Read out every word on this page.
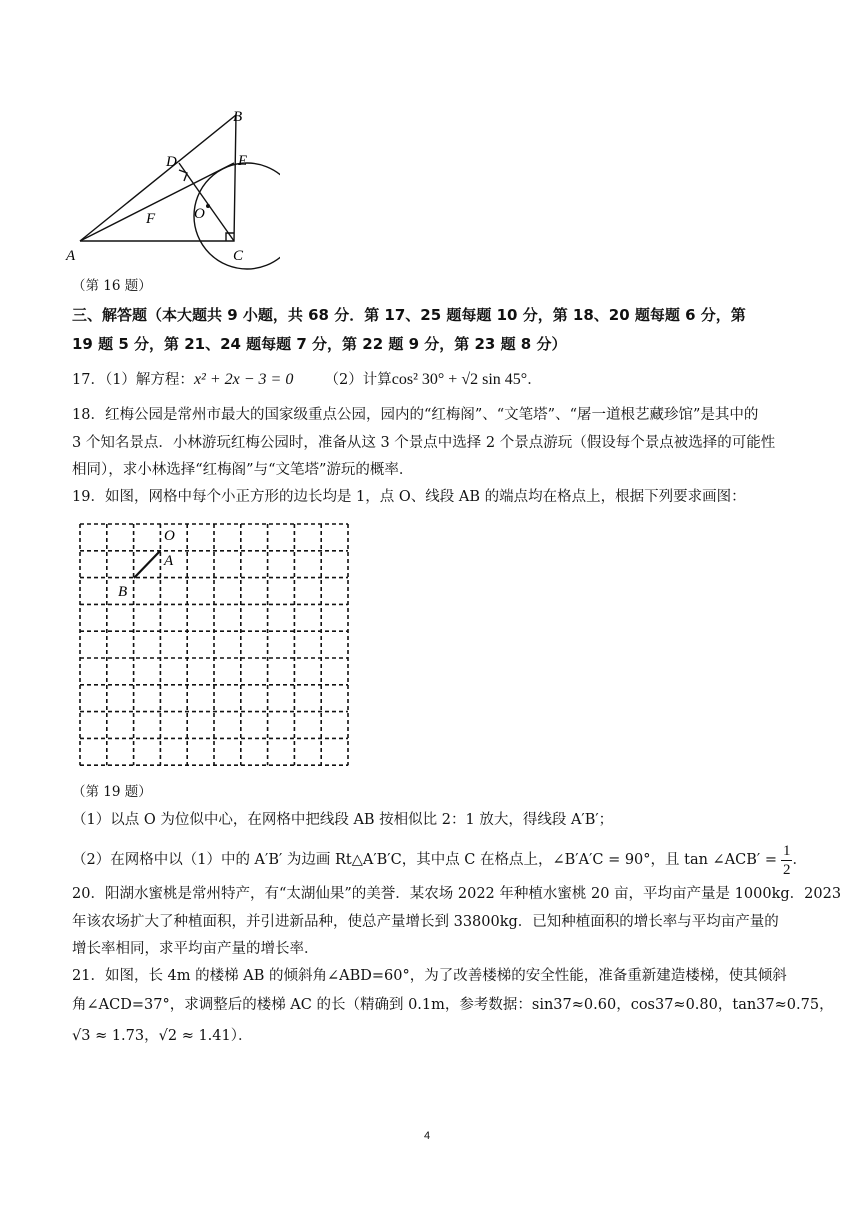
A
B
C
D	E
F	O
（第 16 题）
三、解答题（本大题共 9 小题，共 68 分．第 17、25 题每题 10 分，第 18、20 题每题 6 分，第
19 题 5 分，第 21、24 题每题 7 分，第 22 题 9 分，第 23 题 8 分）
17．（1）解方程：x² + 2x − 3 = 0 （2）计算cos² 30° + √2 sin 45°．
18．红梅公园是常州市最大的国家级重点公园，园内的“红梅阁”、“文笔塔”、“屠一道根艺藏珍馆”是其中的
3 个知名景点．小林游玩红梅公园时，准备从这 3 个景点中选择 2 个景点游玩（假设每个景点被选择的可能性
相同），求小林选择“红梅阁”与“文笔塔”游玩的概率．
19．如图，网格中每个小正方形的边长均是 1，点 O、线段 AB 的端点均在格点上，根据下列要求画图：
O
A
B
（第 19 题）
（1）以点 O 为位似中心，在网格中把线段 AB 按相似比 2：1 放大，得线段 A′B′；
（2）在网格中以（1）中的 A′B′ 为边画 Rt△A′B′C，其中点 C 在格点上，∠B′A′C = 90°，且 tan ∠ACB′ = $\frac{1}{2}$ ．
20．阳湖水蜜桃是常州特产，有“太湖仙果”的美誉．某农场 2022 年种植水蜜桃 20 亩，平均亩产量是 1000kg．2023
年该农场扩大了种植面积，并引进新品种，使总产量增长到 33800kg．已知种植面积的增长率与平均亩产量的
增长率相同，求平均亩产量的增长率．
21．如图，长 4m 的楼梯 AB 的倾斜角∠ABD=60°，为了改善楼梯的安全性能，准备重新建造楼梯，使其倾斜
角∠ACD=37°，求调整后的楼梯 AC 的长（精确到 0.1m，参考数据：sin37≈0.60，cos37≈0.80，tan37≈0.75，
√3 ≈ 1.73，√2 ≈ 1.41）．
4
